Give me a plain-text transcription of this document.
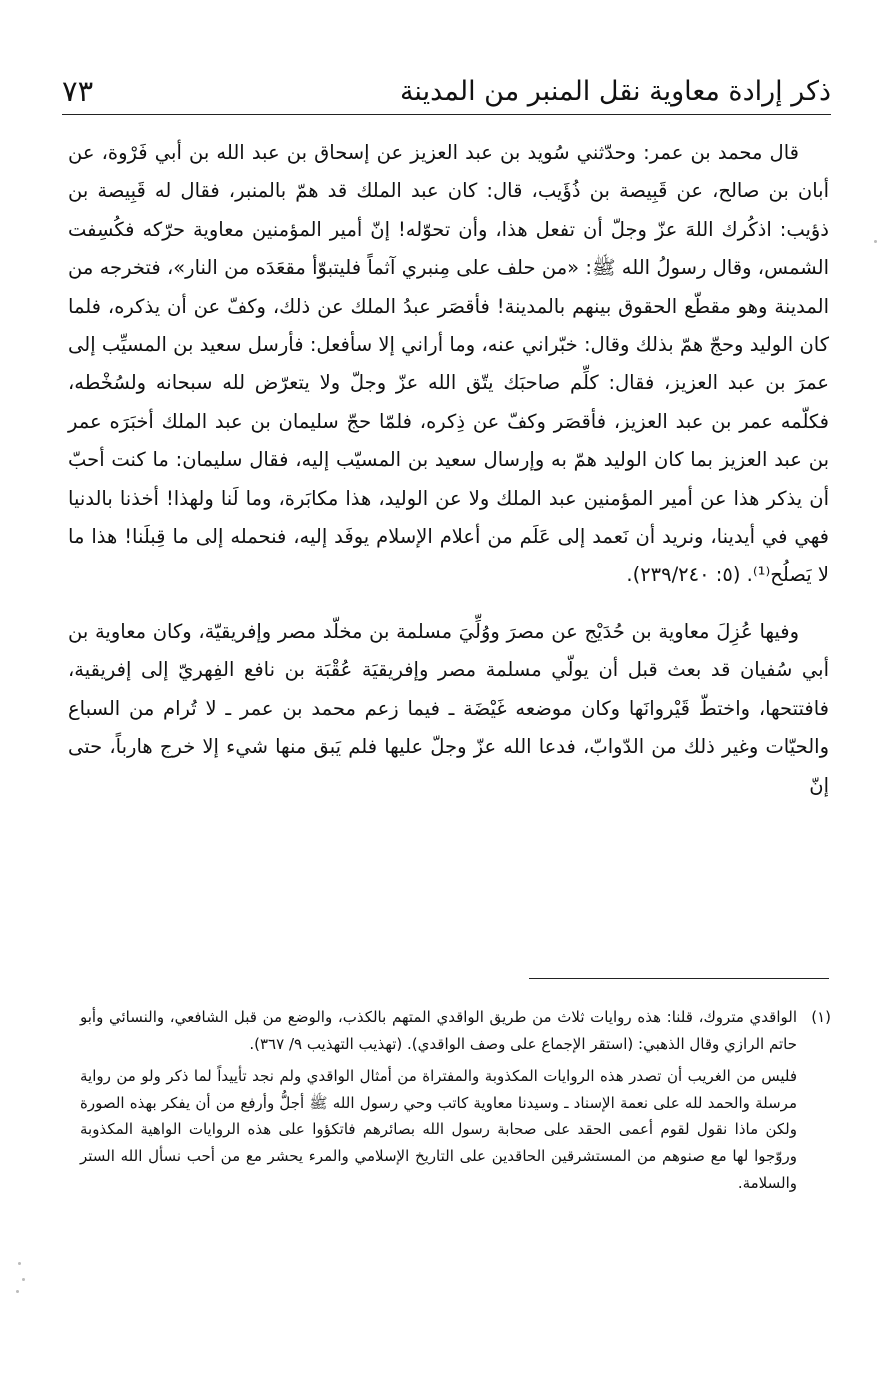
ذكر إرادة معاوية نقل المنبر من المدينة
٧٣

قال محمد بن عمر: وحدّثني سُويد بن عبد العزيز عن إسحاق بن عبد الله بن أبي فَرْوة، عن أبان بن صالح، عن قَبِيصة بن ذُؤَيب، قال: كان عبد الملك قد همّ بالمنبر، فقال له قَبِيصة بن ذؤيب: اذكُرك اللهَ عزّ وجلّ أن تفعل هذا، وأن تحوّله! إنّ أمير المؤمنين معاوية حرّكه فكُسِفت الشمس، وقال رسولُ الله ﷺ: «من حلف على مِنبري آثماً فليتبوّأ مقعَدَه من النار»، فتخرجه من المدينة وهو مقطّع الحقوق بينهم بالمدينة! فأقصَر عبدُ الملك عن ذلك، وكفّ عن أن يذكره، فلما كان الوليد وحجّ همّ بذلك وقال: خبّراني عنه، وما أراني إلا سأفعل: فأرسل سعيد بن المسيِّب إلى عمرَ بن عبد العزيز، فقال: كلِّم صاحبَك يتّق الله عزّ وجلّ ولا يتعرّض لله سبحانه ولسُخْطه، فكلّمه عمر بن عبد العزيز، فأقصَر وكفّ عن ذِكره، فلمّا حجّ سليمان بن عبد الملك أخبَرَه عمر بن عبد العزيز بما كان الوليد همّ به وإرسال سعيد بن المسيّب إليه، فقال سليمان: ما كنت أحبّ أن يذكر هذا عن أمير المؤمنين عبد الملك ولا عن الوليد، هذا مكابَرة، وما لَنا ولهذا! أخذنا بالدنيا فهي في أيدينا، ونريد أن نَعمد إلى عَلَم من أعلام الإسلام يوفَد إليه، فنحمله إلى ما قِبلَنا! هذا ما لا يَصلُح⁽¹⁾. (٥: ٢٣٩/٢٤٠).

وفيها عُزِلَ معاوية بن حُدَيْج عن مصرَ ووُلِّيَ مسلمة بن مخلّد مصر وإفريقيّة، وكان معاوية بن أبي سُفيان قد بعث قبل أن يولّي مسلمة مصر وإفريقيَة عُقْبَة بن نافع الفِهريّ إلى إفريقية، فافتتحها، واختطّ قَيْروانَها وكان موضعه غَيْضَة ـ فيما زعم محمد بن عمر ـ لا تُرام من السباع والحيّات وغير ذلك من الدّوابّ، فدعا الله عزّ وجلّ عليها فلم يَبق منها شيء إلا خرج هارباً، حتى إنّ

(١)

الواقدي متروك، قلنا: هذه روايات ثلاث من طريق الواقدي المتهم بالكذب، والوضع من قبل الشافعي، والنسائي وأبو حاتم الرازي وقال الذهبي: (استقر الإجماع على وصف الواقدي). (تهذيب التهذيب ٩/ ٣٦٧).

فليس من الغريب أن تصدر هذه الروايات المكذوبة والمفتراة من أمثال الواقدي ولم نجد تأييداً لما ذكر ولو من رواية مرسلة والحمد لله على نعمة الإسناد ـ وسيدنا معاوية كاتب وحي رسول الله ﷺ أجلُّ وأرفع من أن يفكر بهذه الصورة ولكن ماذا نقول لقوم أعمى الحقد على صحابة رسول الله بصائرهم فاتكؤوا على هذه الروايات الواهية المكذوبة وروّجوا لها مع صنوهم من المستشرقين الحاقدين على التاريخ الإسلامي والمرء يحشر مع من أحب نسأل الله الستر والسلامة.
